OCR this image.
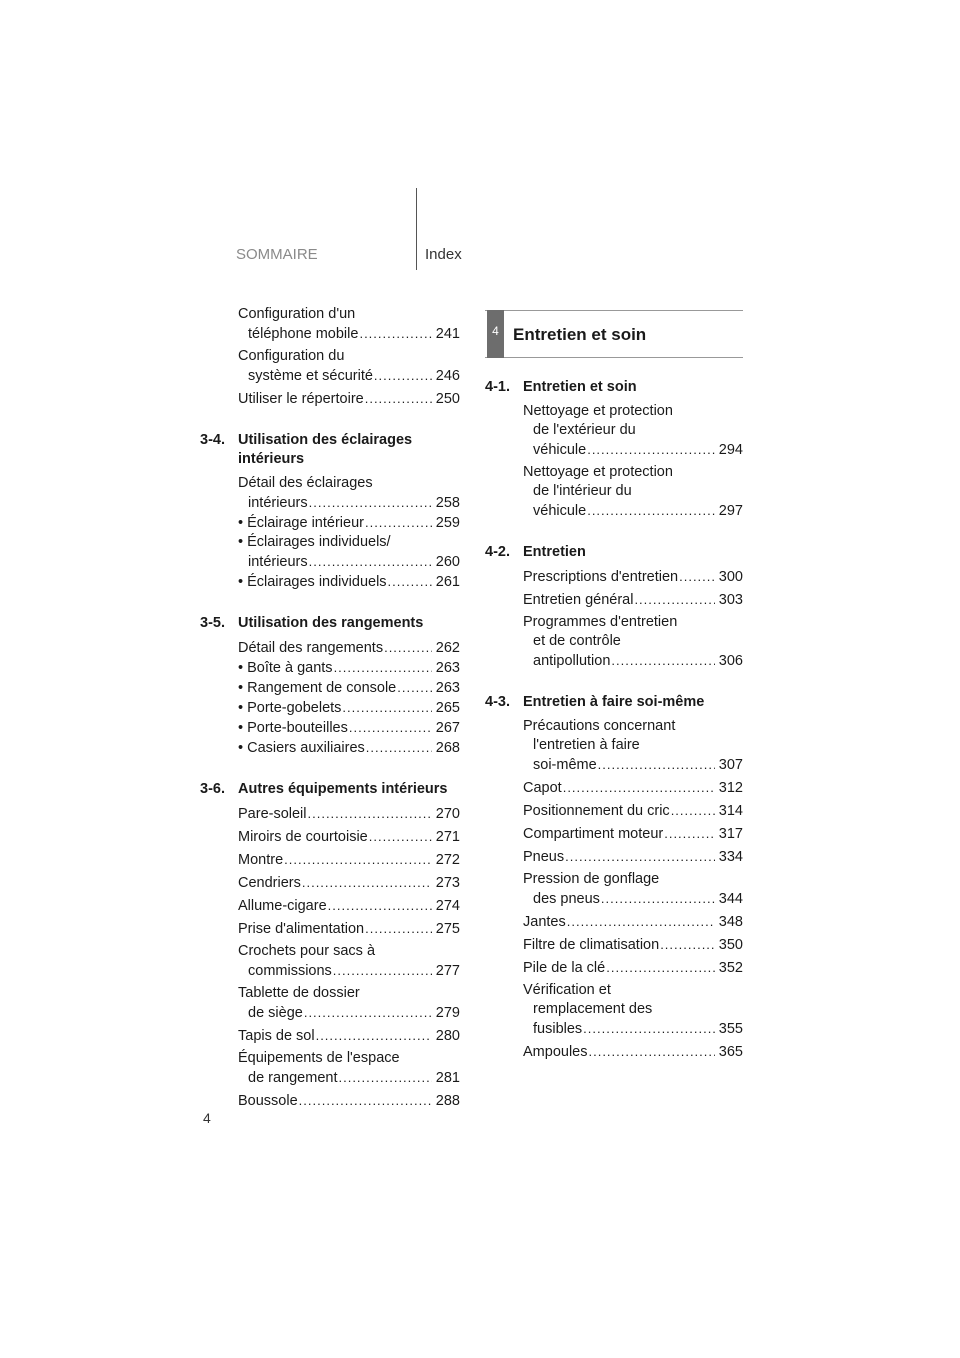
SOMMAIRE	Index
Configuration d'un
téléphone mobile .....	241
Configuration du
système et sécurité .....	246
Utiliser le répertoire .....	250
3-4. Utilisation des éclairages intérieurs
Détail des éclairages
intérieurs .....	258
• Éclairage intérieur .....	259
• Éclairages individuels/
intérieurs .....	260
• Éclairages individuels .....	261
3-5. Utilisation des rangements
Détail des rangements .....	262
• Boîte à gants .....	263
• Rangement de console .....	263
• Porte-gobelets .....	265
• Porte-bouteilles .....	267
• Casiers auxiliaires .....	268
3-6. Autres équipements intérieurs
Pare-soleil .....	270
Miroirs de courtoisie .....	271
Montre .....	272
Cendriers .....	273
Allume-cigare .....	274
Prise d'alimentation .....	275
Crochets pour sacs à
commissions .....	277
Tablette de dossier
de siège .....	279
Tapis de sol .....	280
Équipements de l'espace
de rangement .....	281
Boussole .....	288
4 Entretien et soin
4-1. Entretien et soin
Nettoyage et protection
de l'extérieur du
véhicule .....	294
Nettoyage et protection
de l'intérieur du
véhicule .....	297
4-2. Entretien
Prescriptions d'entretien .....	300
Entretien général .....	303
Programmes d'entretien
et de contrôle
antipollution .....	306
4-3. Entretien à faire soi-même
Précautions concernant
l'entretien à faire
soi-même .....	307
Capot .....	312
Positionnement du cric .....	314
Compartiment moteur .....	317
Pneus .....	334
Pression de gonflage
des pneus .....	344
Jantes .....	348
Filtre de climatisation .....	350
Pile de la clé .....	352
Vérification et
remplacement des
fusibles .....	355
Ampoules .....	365
4
